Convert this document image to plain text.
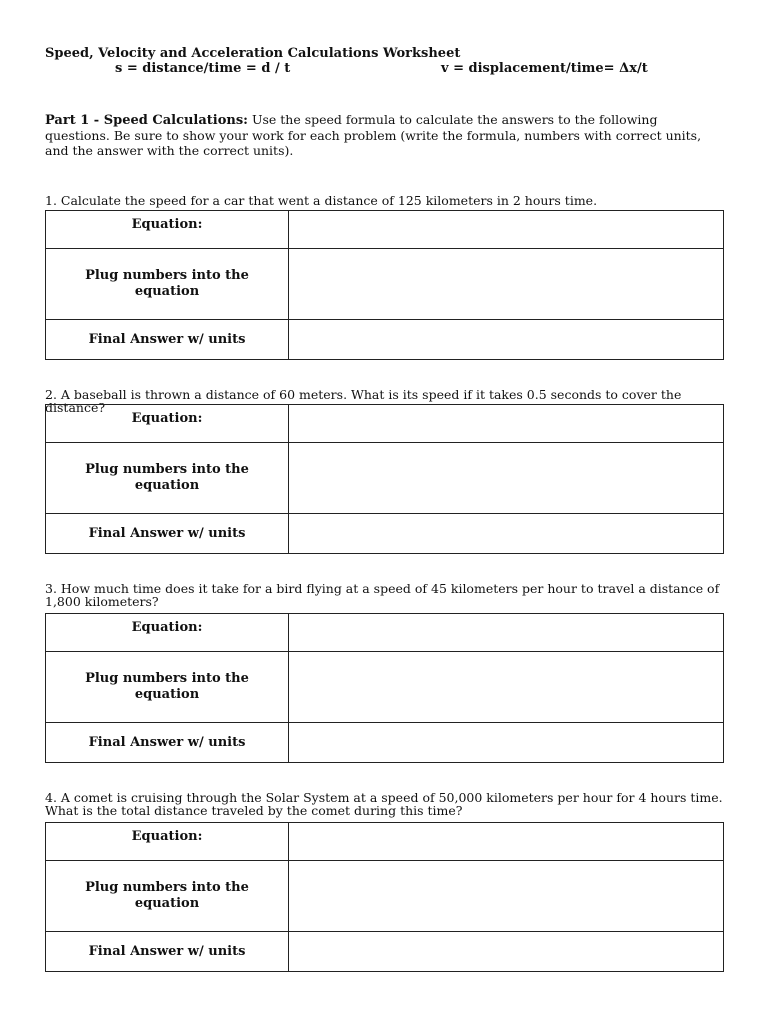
Speed, Velocity and Acceleration Calculations Worksheet
s = distance/time = d / t	v = displacement/time= Δx/t
Part 1 - Speed Calculations: Use the speed formula to calculate the answers to the following questions. Be sure to show your work for each problem (write the formula, numbers with correct units, and the answer with the correct units).
1. Calculate the speed for a car that went a distance of 125 kilometers in 2 hours time.
Equation:	
Plug numbers into the equation	
Final Answer w/ units	
2. A baseball is thrown a distance of 60 meters. What is its speed if it takes 0.5 seconds to cover the distance?
Equation:	
Plug numbers into the equation	
Final Answer w/ units	
3. How much time does it take for a bird flying at a speed of 45 kilometers per hour to travel a distance of 1,800 kilometers?
Equation:	
Plug numbers into the equation	
Final Answer w/ units	
4. A comet is cruising through the Solar System at a speed of 50,000 kilometers per hour for 4 hours time. What is the total distance traveled by the comet during this time?
Equation:	
Plug numbers into the equation	
Final Answer w/ units	
